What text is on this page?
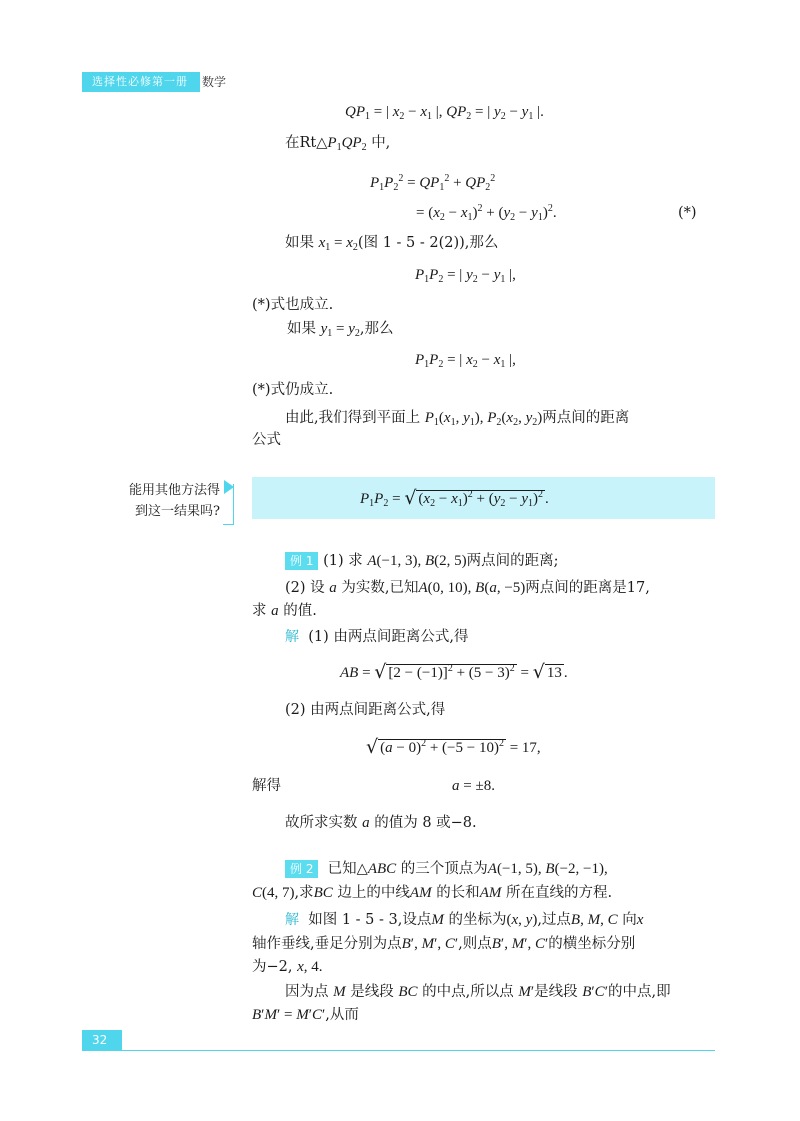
选择性必修第一册 数学
$QP_1$ = | $x_2 - x_1$ |, $QP_2$ = | $y_2 - y_1$ |.
在$Rt\triangle P_1QP_2$ 中,
$P_1P_2^2 = QP_1^2 + QP_2^2$
= $(x_2 - x_1)^2 + (y_2 - y_1)^2$.	(*)
如果 $x_1 = x_2$(图 1 - 5 - 2(2)),那么
$P_1P_2$ = | $y_2 - y_1$ |,
(*)式也成立.
如果 $y_1 = y_2$,那么
$P_1P_2$ = | $x_2 - x_1$ |,
(*)式仍成立.
由此,我们得到平面上 $P_1(x_1$, $y_1$), $P_2(x_2$, $y_2$)两点间的距离
公式
能用其他方法得
到这一结果吗?
$P_1P_2$ = √ $(x_2 - x_1)^2 + (y_2 - y_1)^2$ .
例 1 (1) 求 A(−1, 3), B(2, 5)两点间的距离;
(2) 设 a 为实数,已知A(0, 10), B(a, −5)两点间的距离是17,
求 a 的值.
解 (1) 由两点间距离公式,得
AB = √ $[2 - (-1)]^2 + (5 - 3)^2$ = √ 13 .
(2) 由两点间距离公式,得
√ $(a - 0)^2 + (-5 - 10)^2 = 17$,
解得	a = ±8.
故所求实数 a 的值为 8 或−8.
例 2 已知△ABC 的三个顶点为A(−1, 5), B(−2, −1),
C(4, 7),求BC 边上的中线AM 的长和AM 所在直线的方程.
解 如图 1 - 5 - 3,设点M 的坐标为(x, y),过点B, M, C 向x
轴作垂线,垂足分别为点B′, M′, C′,则点B′, M′, C′的横坐标分别
为−2, x, 4.
因为点 M 是线段 BC 的中点,所以点 M′是线段 B′C′的中点,即
B′M′ = M′C′,从而
32
